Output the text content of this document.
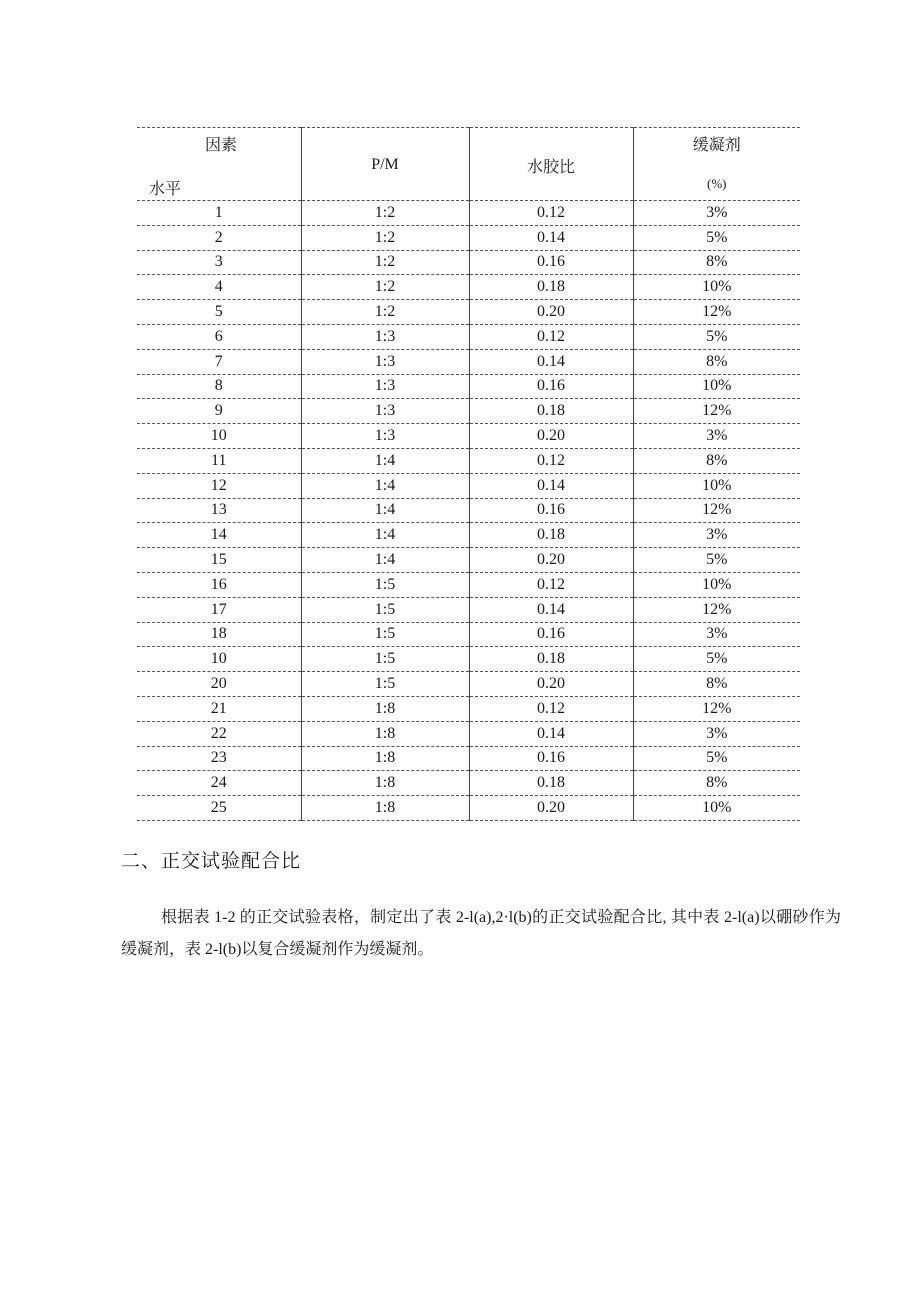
因素
水平	P/M	水胶比	缓凝剂
(%)

1	1:2	0.12	3%
2	1:2	0.14	5%
3	1:2	0.16	8%
4	1:2	0.18	10%
5	1:2	0.20	12%
6	1:3	0.12	5%
7	1:3	0.14	8%
8	1:3	0.16	10%
9	1:3	0.18	12%
10	1:3	0.20	3%
11	1:4	0.12	8%
12	1:4	0.14	10%
13	1:4	0.16	12%
14	1:4	0.18	3%
15	1:4	0.20	5%
16	1:5	0.12	10%
17	1:5	0.14	12%
18	1:5	0.16	3%
10	1:5	0.18	5%
20	1:5	0.20	8%
21	1:8	0.12	12%
22	1:8	0.14	3%
23	1:8	0.16	5%
24	1:8	0.18	8%
25	1:8	0.20	10%
二、正交试验配合比

根据表 1-2 的正交试验表格，制定出了表 2-l(a),2·l(b)的正交试验配合比, 其中表 2-l(a)以硼砂作为缓凝剂，表 2-l(b)以复合缓凝剂作为缓凝剂。
